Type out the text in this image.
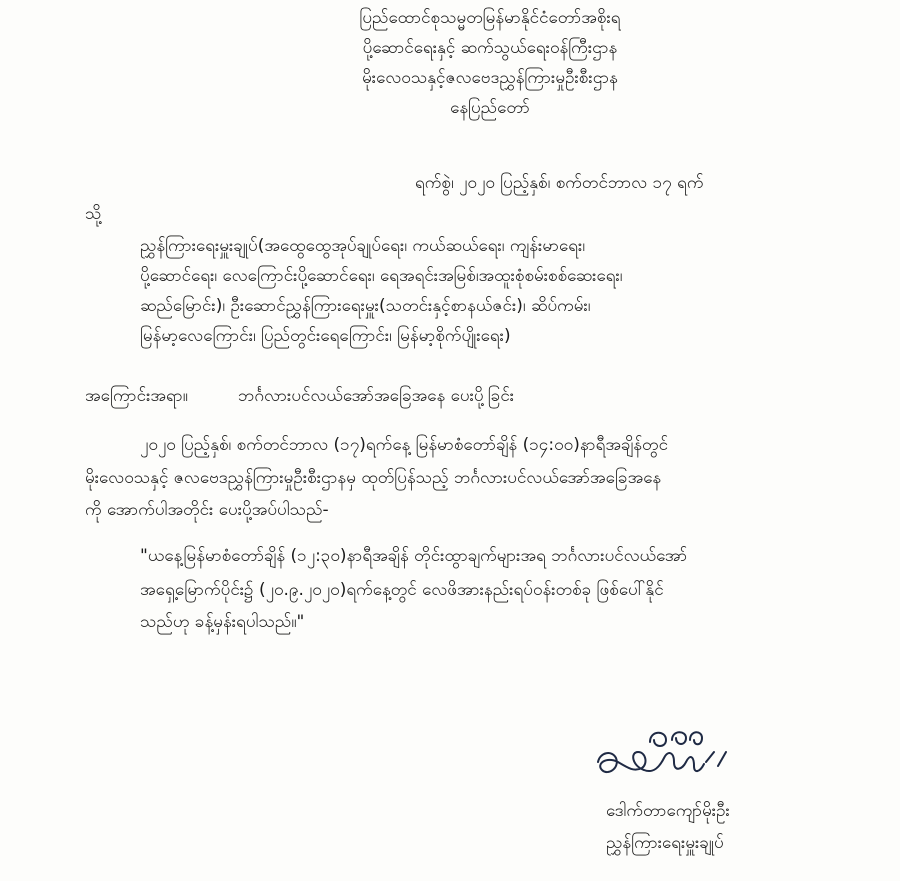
ပြည်ထောင်စုသမ္မတမြန်မာနိုင်ငံတော်အစိုးရ
ပို့ဆောင်ရေးနှင့် ဆက်သွယ်ရေးဝန်ကြီးဌာန
မိုးလေဝသနှင့်ဇလဗေဒညွှန်ကြားမှုဦးစီးဌာန
နေပြည်တော်
ရက်စွဲ၊ ၂၀၂၀ ပြည့်နှစ်၊ စက်တင်ဘာလ ၁၇ ရက်
သို့
ညွှန်ကြားရေးမှူးချုပ်(အထွေထွေအုပ်ချုပ်ရေး၊ ကယ်ဆယ်ရေး၊ ကျန်းမာရေး၊
ပို့ဆောင်ရေး၊ လေကြောင်းပို့ဆောင်ရေး၊ ရေအရင်းအမြစ်၊အထူးစုံစမ်းစစ်ဆေးရေး၊
ဆည်မြောင်း)၊ ဦးဆောင်ညွှန်ကြားရေးမှူး(သတင်းနှင့်စာနယ်ဇင်း)၊ ဆိပ်ကမ်း၊
မြန်မာ့လေကြောင်း၊ ပြည်တွင်းရေကြောင်း၊ မြန်မာ့စိုက်ပျိုးရေး)
အကြောင်းအရာ။	ဘင်္ဂလားပင်လယ်အော်အခြေအနေ ပေးပို့ခြင်း
၂၀၂၀ ပြည့်နှစ်၊ စက်တင်ဘာလ (၁၇)ရက်နေ့ မြန်မာစံတော်ချိန် (၁၄:၀၀)နာရီအချိန်တွင်
မိုးလေဝသနှင့် ဇလဗေဒညွှန်ကြားမှုဦးစီးဌာနမှ ထုတ်ပြန်သည့် ဘင်္ဂလားပင်လယ်အော်အခြေအနေ
ကို အောက်ပါအတိုင်း ပေးပို့အပ်ပါသည်-
"ယနေ့မြန်မာစံတော်ချိန် (၁၂:၃၀)နာရီအချိန် တိုင်းထွာချက်များအရ ဘင်္ဂလားပင်လယ်အော်
အရှေ့မြောက်ပိုင်း၌ (၂၀.၉.၂၀၂၀)ရက်နေ့တွင် လေဖိအားနည်းရပ်ဝန်းတစ်ခု ဖြစ်ပေါ်နိုင်
သည်ဟု ခန့်မှန်းရပါသည်။"
ဒေါက်တာကျော်မိုးဦး
ညွှန်ကြားရေးမှူးချုပ်
